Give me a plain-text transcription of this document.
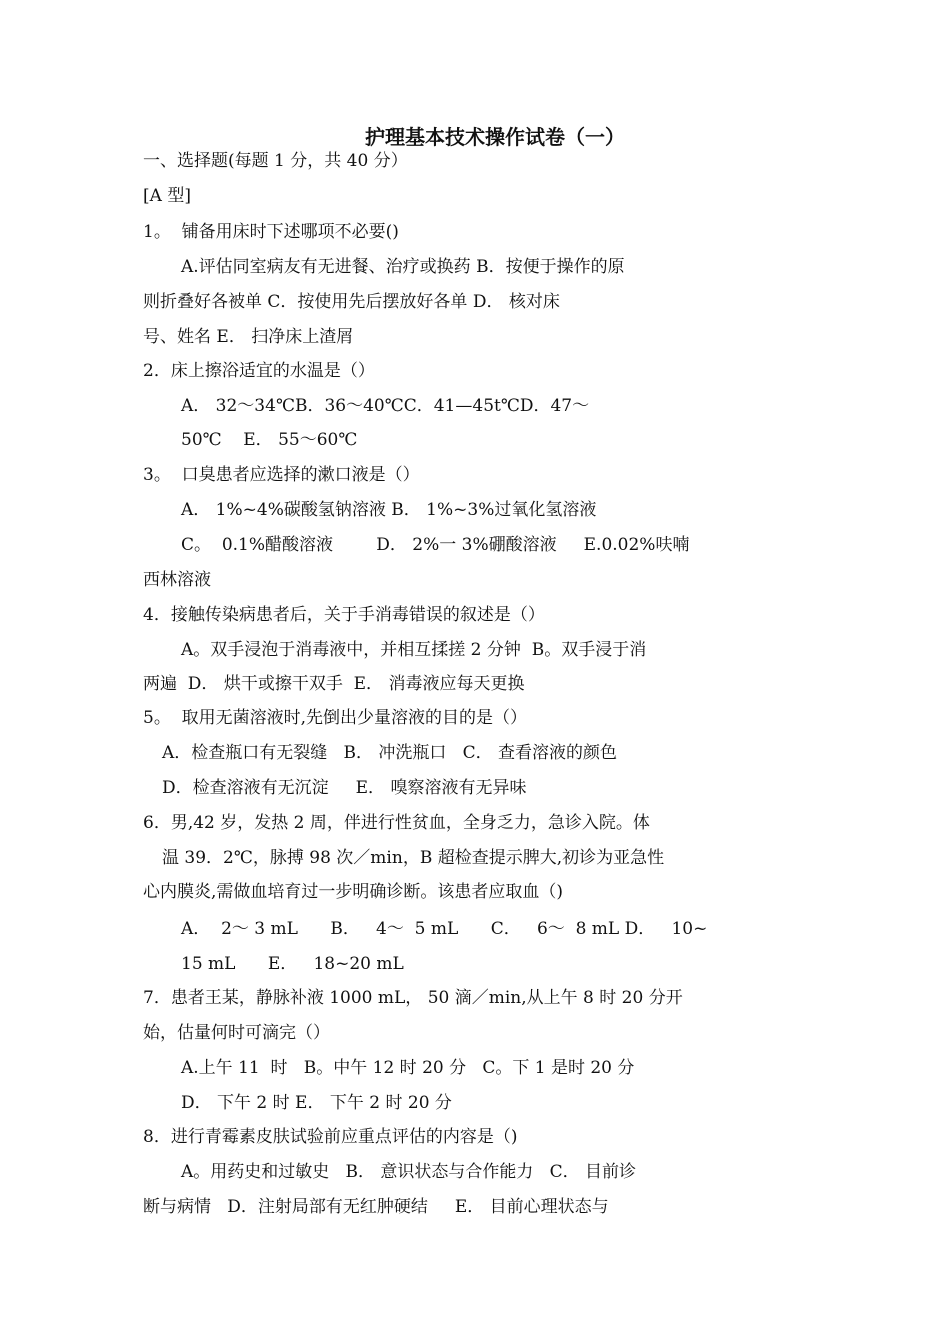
护理基本技术操作试卷（一）

一、选择题(每题 1 分，共 40 分）

[A 型]

1。  铺备用床时下述哪项不必要()

A.评估同室病友有无进餐、治疗或换药 B．按便于操作的原

则折叠好各被单 C．按使用先后摆放好各单 D． 核对床

号、姓名 E． 扫净床上渣屑

2．床上擦浴适宜的水温是（）

A． 32～34℃B．36～40℃C．41—45t℃D．47～

50℃    E． 55～60℃

3。  口臭患者应选择的漱口液是（）

A． 1%~4%碳酸氢钠溶液 B． 1%~3%过氧化氢溶液

C。  0.1%醋酸溶液        D． 2%一 3%硼酸溶液     E.0.02%呋喃

西林溶液

4．接触传染病患者后，关于手消毒错误的叙述是（）

A。双手浸泡于消毒液中，并相互揉搓 2 分钟  B。双手浸于消

两遍  D． 烘干或擦干双手  E． 消毒液应每天更换

5。  取用无菌溶液时,先倒出少量溶液的目的是（）

A．检查瓶口有无裂缝   B． 冲洗瓶口   C． 查看溶液的颜色

D．检查溶液有无沉淀     E． 嗅察溶液有无异味

6．男,42 岁，发热 2 周，伴进行性贫血，全身乏力，急诊入院。体

温 39．2℃，脉搏 98 次／min，B 超检查提示脾大,初诊为亚急性

心内膜炎,需做血培育过一步明确诊断。该患者应取血（)

A．  2～ 3 mL      B．   4～  5 mL      C．   6～  8 mL D．   10~

15 mL      E．   18~20 mL

7．患者王某，静脉补液 1000 mL， 50 滴／min,从上午 8 时 20 分开

始，估量何时可滴完（）

A.上午 11  时   B。中午 12 时 20 分   C。下 1 是时 20 分

D． 下午 2 时 E． 下午 2 时 20 分

8．进行青霉素皮肤试验前应重点评估的内容是（)

A。用药史和过敏史   B． 意识状态与合作能力   C． 目前诊

断与病情   D．注射局部有无红肿硬结     E． 目前心理状态与
